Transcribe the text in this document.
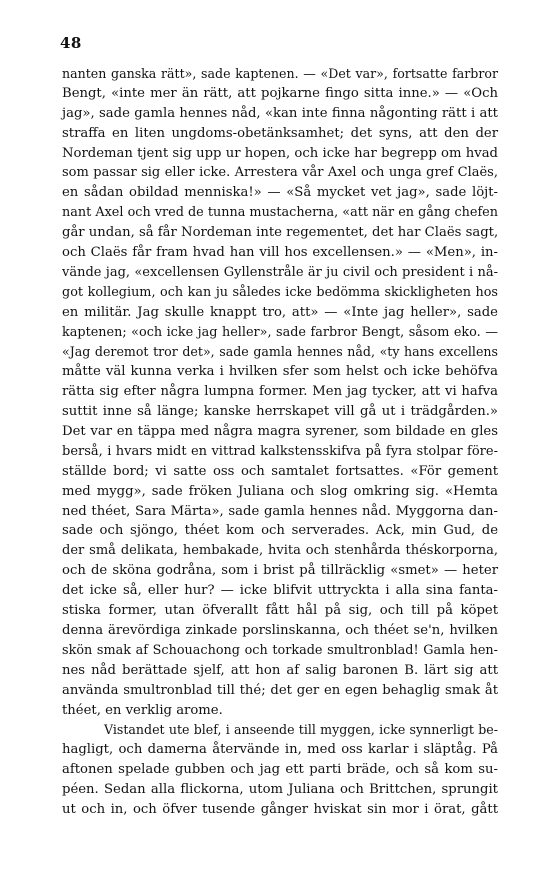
48
nanten ganska rätt», sade kaptenen. — «Det var», fortsatte farbror
Bengt, «inte mer än rätt, att pojkarne fingo sitta inne.» — «Och
jag», sade gamla hennes nåd, «kan inte finna någonting rätt i att
straffa en liten ungdoms-obetänksamhet; det syns, att den der
Nordeman tjent sig upp ur hopen, och icke har begrepp om hvad
som passar sig eller icke. Arrestera vår Axel och unga gref Claës,
en sådan obildad menniska!» — «Så mycket vet jag», sade löjt-
nant Axel och vred de tunna mustacherna, «att när en gång chefen
går undan, så får Nordeman inte regementet, det har Claës sagt,
och Claës får fram hvad han vill hos excellensen.» — «Men», in-
vände jag, «excellensen Gyllenstråle är ju civil och president i nå-
got kollegium, och kan ju således icke bedömma skickligheten hos
en militär. Jag skulle knappt tro, att» — «Inte jag heller», sade
kaptenen; «och icke jag heller», sade farbror Bengt, såsom eko. —
«Jag deremot tror det», sade gamla hennes nåd, «ty hans excellens
måtte väl kunna verka i hvilken sfer som helst och icke behöfva
rätta sig efter några lumpna former. Men jag tycker, att vi hafva
suttit inne så länge; kanske herrskapet vill gå ut i trädgården.»
Det var en täppa med några magra syrener, som bildade en gles
berså, i hvars midt en vittrad kalkstensskifva på fyra stolpar före-
ställde bord; vi satte oss och samtalet fortsattes. «För gement
med mygg», sade fröken Juliana och slog omkring sig. «Hemta
ned théet, Sara Märta», sade gamla hennes nåd. Myggorna dan-
sade och sjöngo, théet kom och serverades. Ack, min Gud, de
der små delikata, hembakade, hvita och stenhårda théskorporna,
och de sköna godråna, som i brist på tillräcklig «smet» — heter
det icke så, eller hur? — icke blifvit uttryckta i alla sina fanta-
stiska former, utan öfverallt fått hål på sig, och till på köpet
denna ärevördiga zinkade porslinskanna, och théet se'n, hvilken
skön smak af Schouachong och torkade smultronblad! Gamla hen-
nes nåd berättade sjelf, att hon af salig baronen B. lärt sig att
använda smultronblad till thé; det ger en egen behaglig smak åt
théet, en verklig arome.
Vistandet ute blef, i anseende till myggen, icke synnerligt be-
hagligt, och damerna återvände in, med oss karlar i släptåg. På
aftonen spelade gubben och jag ett parti bräde, och så kom su-
péen. Sedan alla flickorna, utom Juliana och Brittchen, sprungit
ut och in, och öfver tusende gånger hviskat sin mor i örat, gått
